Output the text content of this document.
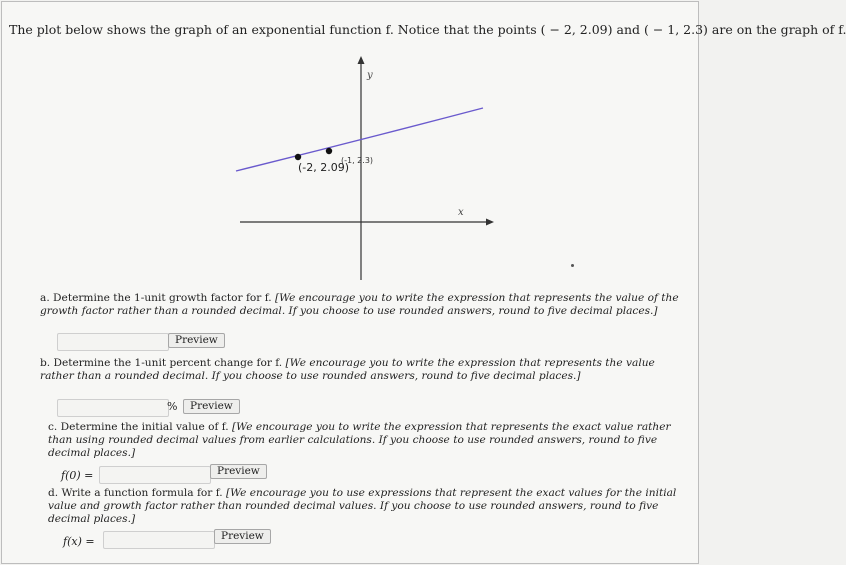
The plot below shows the graph of an exponential function f. Notice that the points ( − 2, 2.09) and ( − 1, 2.3) are on the graph of f.
y
x
(-2, 2.09)
(-1, 2.3)
a. Determine the 1-unit growth factor for f. [We encourage you to write the expression that represents the value of the growth factor rather than a rounded decimal. If you choose to use rounded answers, round to five decimal places.]
Preview
b. Determine the 1-unit percent change for f. [We encourage you to write the expression that represents the value rather than a rounded decimal. If you choose to use rounded answers, round to five decimal places.]
%	Preview
c. Determine the initial value of f. [We encourage you to write the expression that represents the exact value rather than using rounded decimal values from earlier calculations. If you choose to use rounded answers, round to five decimal places.]
f(0) =	Preview
d. Write a function formula for f. [We encourage you to use expressions that represent the exact values for the initial value and growth factor rather than rounded decimal values. If you choose to use rounded answers, round to five decimal places.]
f(x) =	Preview
